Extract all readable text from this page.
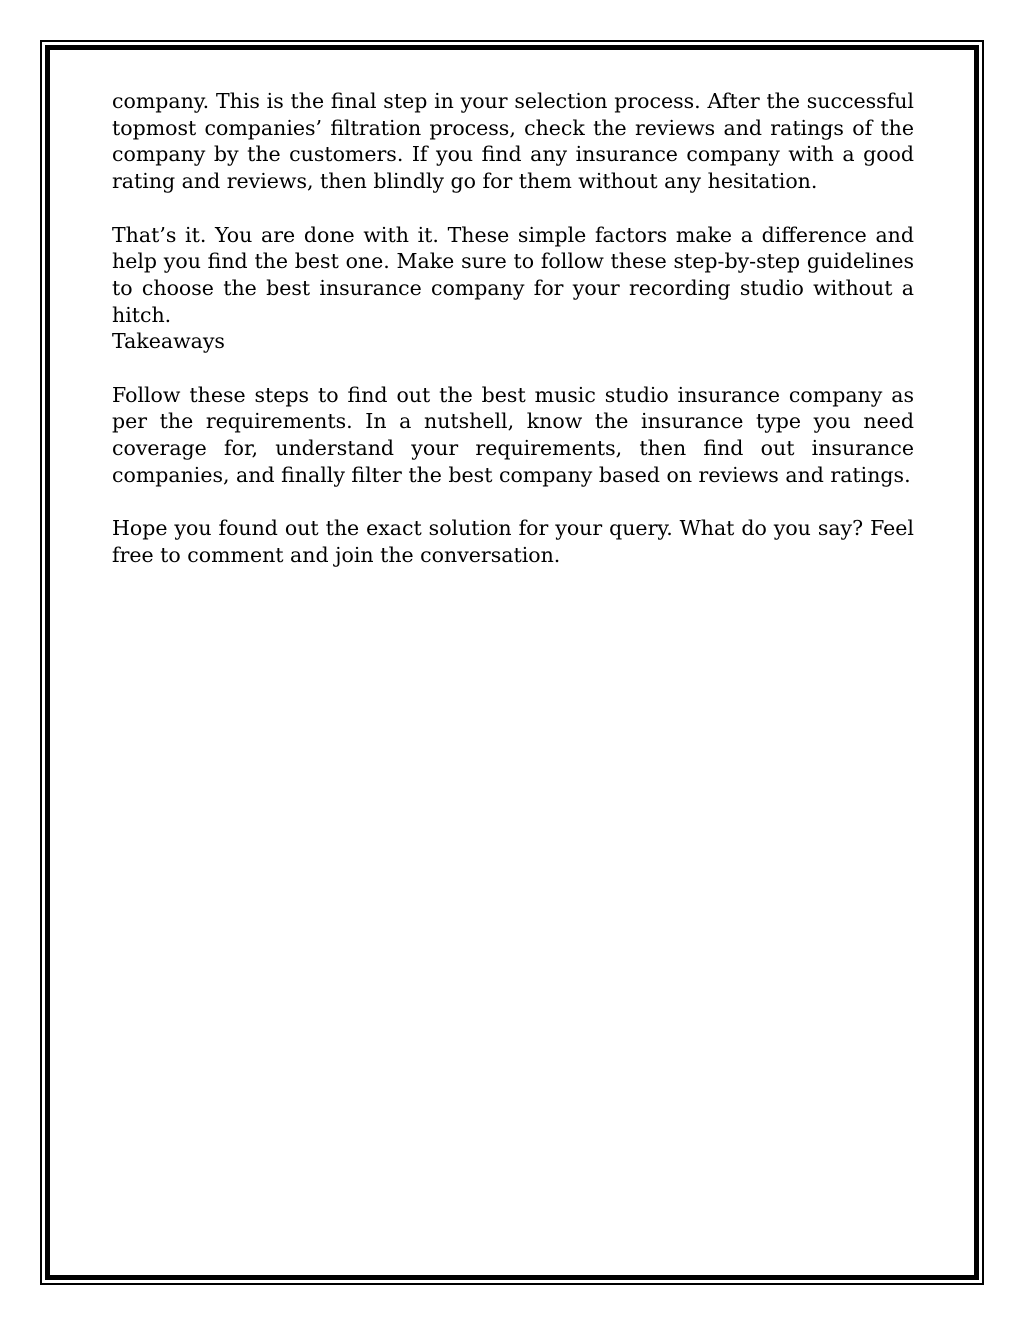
company. This is the final step in your selection process. After the successful topmost companies’ filtration process, check the reviews and ratings of the company by the customers. If you find any insurance company with a good rating and reviews, then blindly go for them without any hesitation.

That’s it. You are done with it. These simple factors make a difference and help you find the best one. Make sure to follow these step-by-step guidelines to choose the best insurance company for your recording studio without a hitch.

Takeaways

Follow these steps to find out the best music studio insurance company as per the requirements. In a nutshell, know the insurance type you need coverage for, understand your requirements, then find out insurance companies, and finally filter the best company based on reviews and ratings.

Hope you found out the exact solution for your query. What do you say? Feel free to comment and join the conversation.
